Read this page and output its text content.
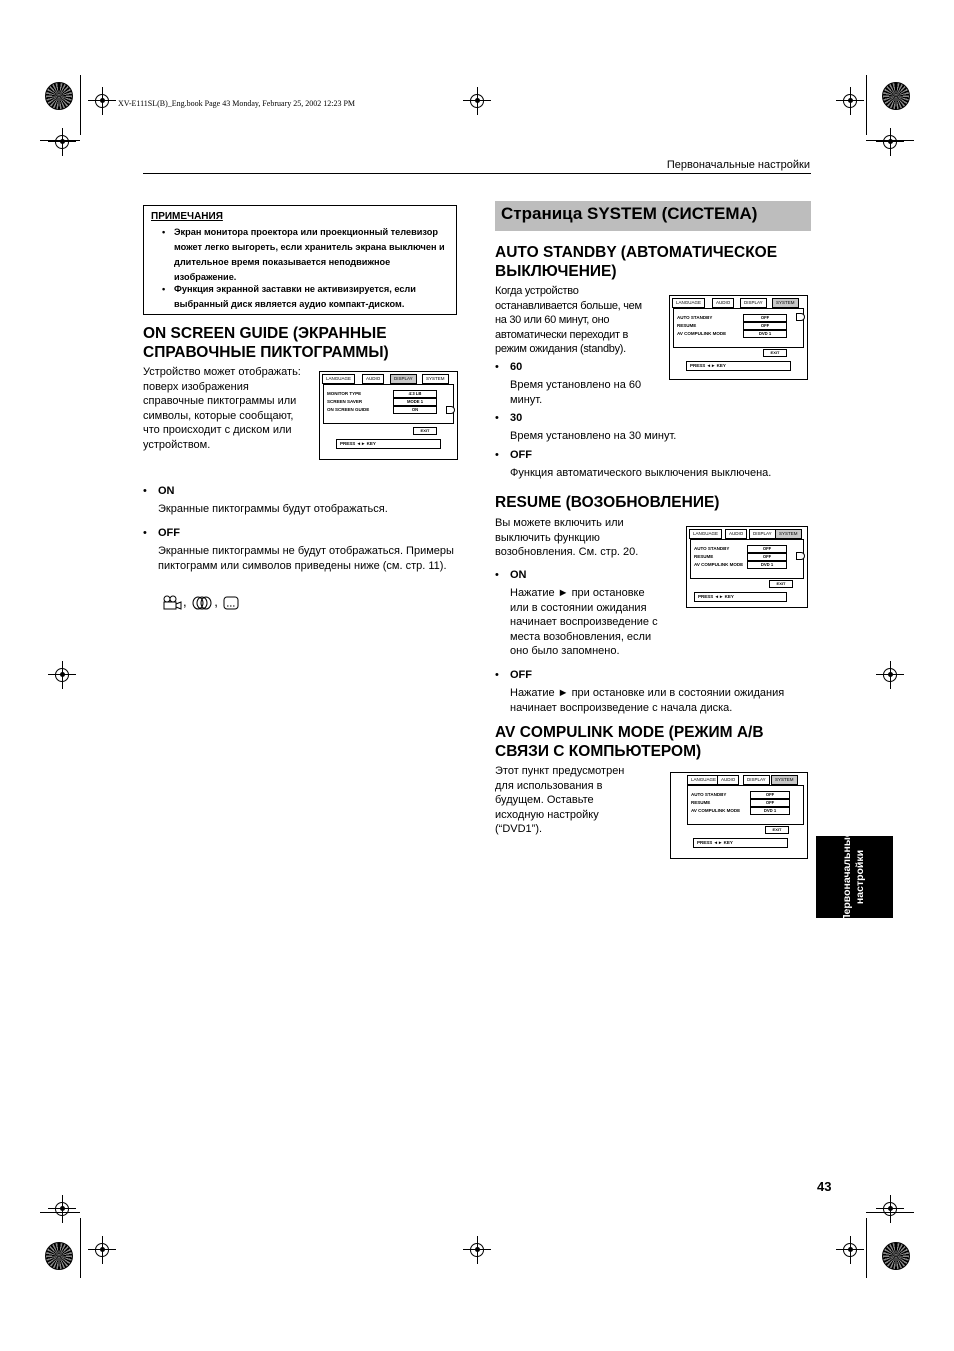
XV-E111SL(B)_Eng.book Page 43 Monday, February 25, 2002 12:23 PM
Первоначальные настройки
ПРИМЕЧАНИЯ
• Экран монитора проектора или проекционный телевизор может легко выгореть, если хранитель экрана выключен и длительное время показывается неподвижное изображение.
• Функция экранной заставки не активизируется, если выбранный диск является аудио компакт-диском.
ON SCREEN GUIDE (ЭКРАННЫЕ СПРАВОЧНЫЕ ПИКТОГРАММЫ)
Устройство может отображать: поверх изображения справочные пиктограммы или символы, которые сообщают, что происходит с диском или устройством.
LANGUAGE	AUDIO	DISPLAY	SYSTEM
MONITOR TYPE	4:3 LB
SCREEN SAVER	MODE 1
ON SCREEN GUIDE	ON
EXIT
PRESS ◄► KEY
• ON
Экранные пиктограммы будут отображаться.
• OFF
Экранные пиктограммы не будут отображаться. Примеры пиктограмм или символов приведены ниже (см. стр. 11).
, ,
Страница SYSTEM (СИСТЕМА)
AUTO STANDBY (АВТОМАТИЧЕСКОЕ ВЫКЛЮЧЕНИЕ)
Когда устройство останавливается больше, чем на 30 или 60 минут, оно автоматически переходит в режим ожидания (standby).
LANGUAGE	AUDIO	DISPLAY	SYSTEM
AUTO STANDBY	OFF
RESUME	OFF
AV COMPULINK MODE	DVD 1
EXIT
PRESS ◄► KEY
• 60
Время установлено на 60 минут.
• 30
Время установлено на 30 минут.
• OFF
Функция автоматического выключения выключена.
RESUME (ВОЗОБНОВЛЕНИЕ)
Вы можете включить или выключить функцию возобновления. См. стр. 20.
LANGUAGE	AUDIO	DISPLAY	SYSTEM
AUTO STANDBY	OFF
RESUME	OFF
AV COMPULINK MODE	DVD 1
EXIT
PRESS ◄► KEY
• ON
Нажатие ► при остановке или в состоянии ожидания начинает воспроизведение с места возобновления, если оно было запомнено.
• OFF
Нажатие ► при остановке или в состоянии ожидания начинает воспроизведение с начала диска.
AV COMPULINK MODE (РЕЖИМ A/B СВЯЗИ С КОМПЬЮТЕРОМ)
Этот пункт предусмотрен для использования в будущем. Оставьте исходную настройку (“DVD1”).
LANGUAGE	AUDIO	DISPLAY	SYSTEM
AUTO STANDBY	OFF
RESUME	OFF
AV COMPULINK MODE	DVD 1
EXIT
PRESS ◄► KEY	Первоначальные настройки
43
